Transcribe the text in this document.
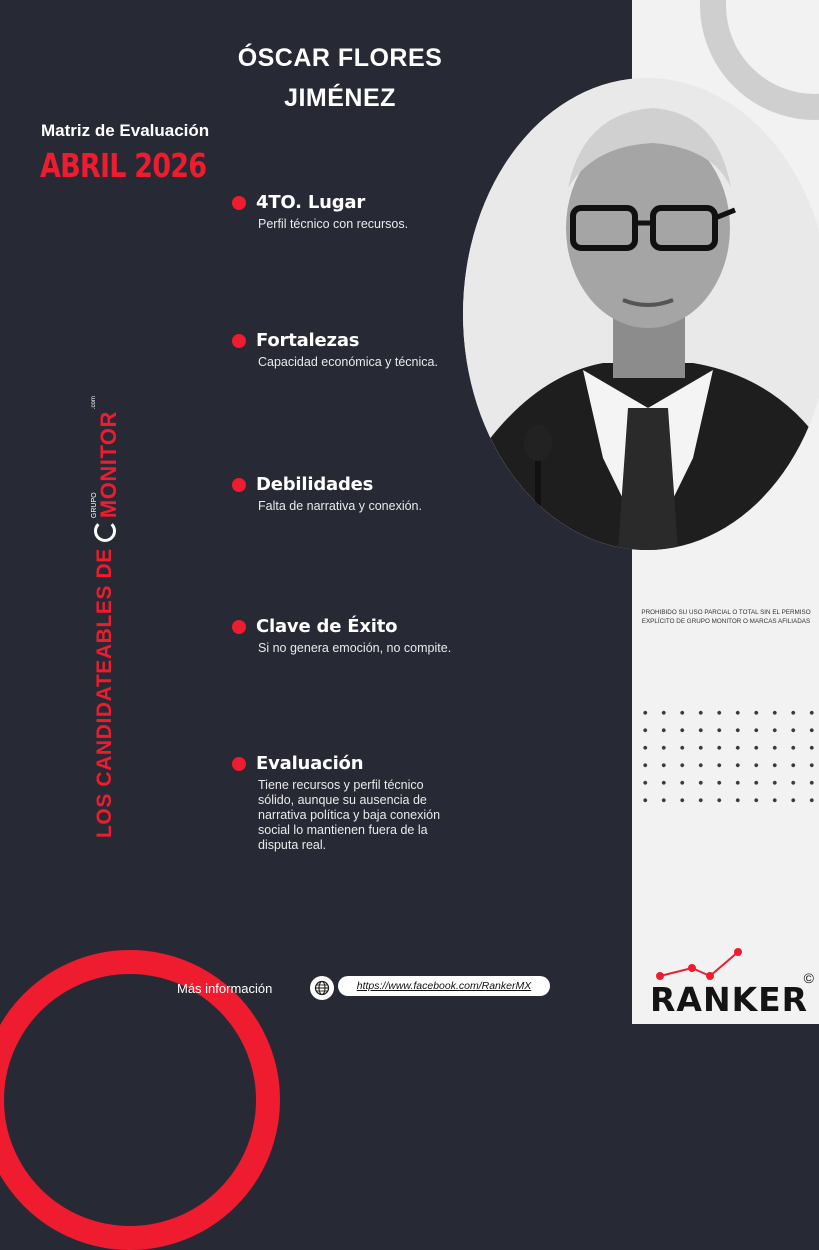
PROHIBIDO SU USO PARCIAL O TOTAL SIN EL PERMISO EXPLÍCITO DE GRUPO MONITOR O MARCAS AFILIADAS
ÓSCAR FLORES
JIMÉNEZ
Matriz de Evaluación
ABRIL 2026
LOS CANDIDATEABLES DE
GRUPO
MONITOR
.com
4TO. Lugar
Perfil técnico con recursos.
Fortalezas
Capacidad económica y técnica.
Debilidades
Falta de narrativa y conexión.
Clave de Éxito
Si no genera emoción, no compite.
Evaluación
Tiene recursos y perfil técnico sólido, aunque su ausencia de narrativa política y baja conexión social lo mantienen fuera de la disputa real.
Más información	https://www.facebook.com/RankerMX	RANKER
©
